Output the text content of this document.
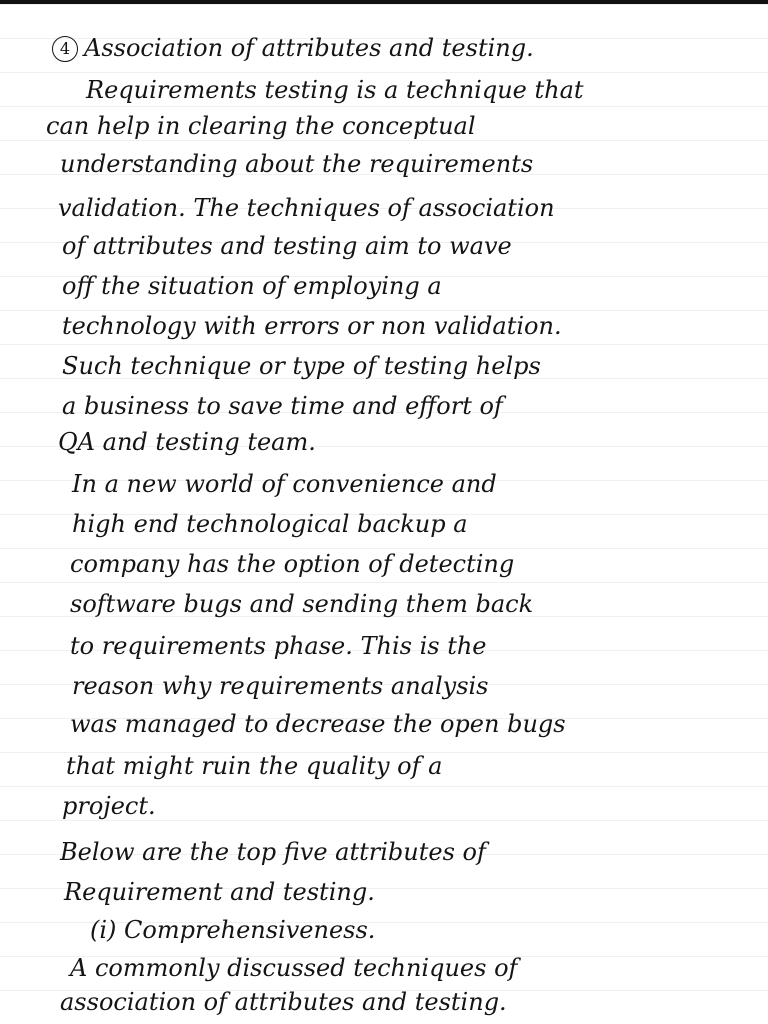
4 Association of attributes and testing.
Requirements testing is a technique that
can help in clearing the conceptual
understanding about the requirements
validation. The techniques of association
of attributes and testing aim to wave
off the situation of employing a
technology with errors or non validation.
Such technique or type of testing helps
a business to save time and effort of
QA and testing team.
In a new world of convenience and
high end technological backup a
company has the option of detecting
software bugs and sending them back
to requirements phase. This is the
reason why requirements analysis
was managed to decrease the open bugs
that might ruin the quality of a
project.
Below are the top five attributes of
Requirement and testing.
(i) Comprehensiveness.
A commonly discussed techniques of
association of attributes and testing.
